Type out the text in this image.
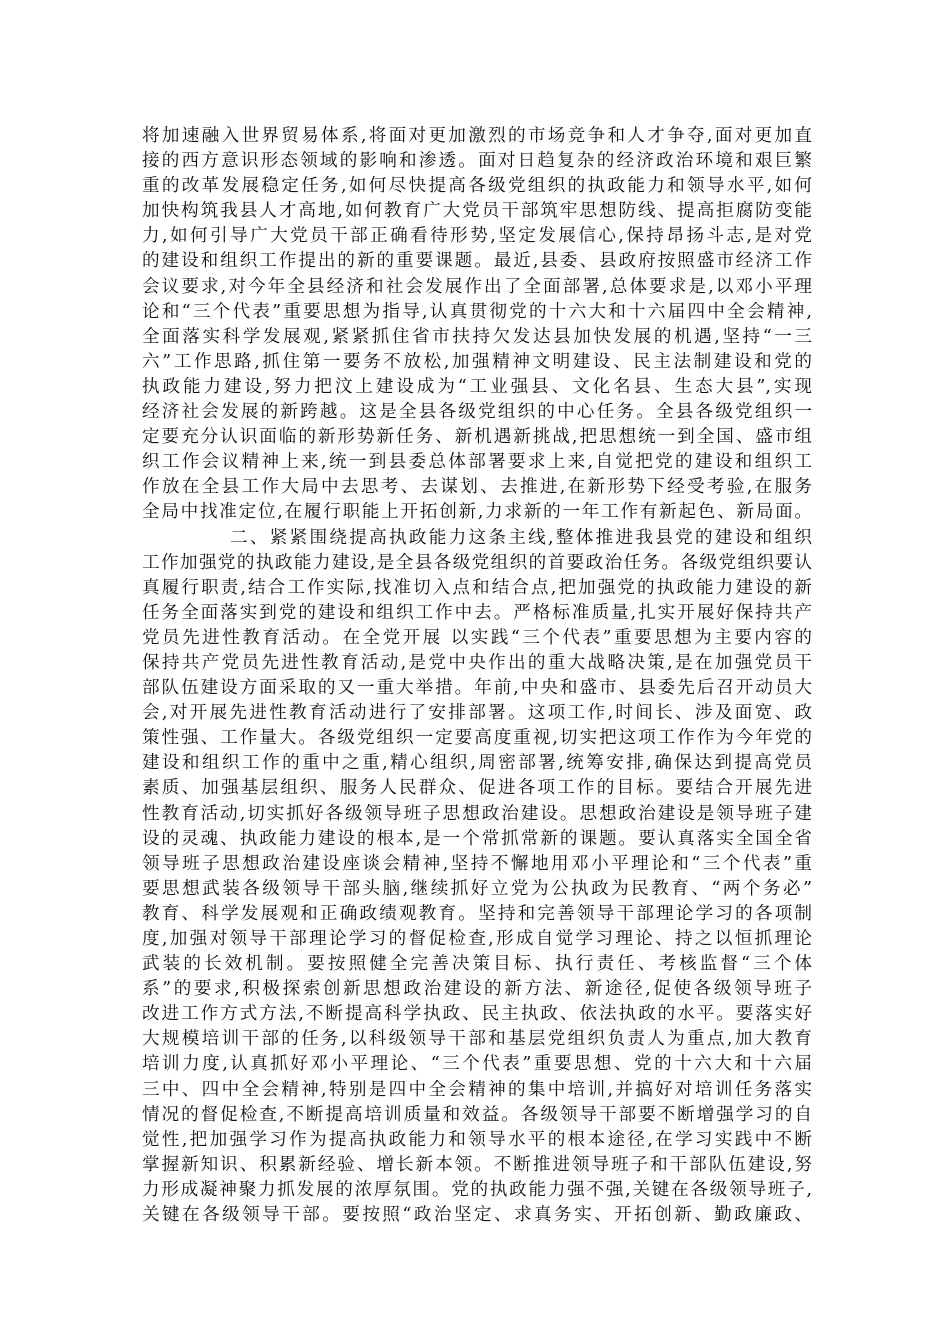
将加速融入世界贸易体系,将面对更加激烈的市场竞争和人才争夺,面对更加直
接的西方意识形态领域的影响和渗透。面对日趋复杂的经济政治环境和艰巨繁
重的改革发展稳定任务,如何尽快提高各级党组织的执政能力和领导水平,如何
加快构筑我县人才高地,如何教育广大党员干部筑牢思想防线、提高拒腐防变能
力,如何引导广大党员干部正确看待形势,坚定发展信心,保持昂扬斗志,是对党
的建设和组织工作提出的新的重要课题。最近,县委、县政府按照盛市经济工作
会议要求,对今年全县经济和社会发展作出了全面部署,总体要求是,以邓小平理
论和“三个代表”重要思想为指导,认真贯彻党的十六大和十六届四中全会精神,
全面落实科学发展观,紧紧抓住省市扶持欠发达县加快发展的机遇,坚持“一三
六”工作思路,抓住第一要务不放松,加强精神文明建设、民主法制建设和党的
执政能力建设,努力把汶上建设成为“工业强县、文化名县、生态大县”,实现
经济社会发展的新跨越。这是全县各级党组织的中心任务。全县各级党组织一
定要充分认识面临的新形势新任务、新机遇新挑战,把思想统一到全国、盛市组
织工作会议精神上来,统一到县委总体部署要求上来,自觉把党的建设和组织工
作放在全县工作大局中去思考、去谋划、去推进,在新形势下经受考验,在服务
全局中找准定位,在履行职能上开拓创新,力求新的一年工作有新起色、新局面。
二、紧紧围绕提高执政能力这条主线,整体推进我县党的建设和组织
工作加强党的执政能力建设,是全县各级党组织的首要政治任务。各级党组织要认
真履行职责,结合工作实际,找准切入点和结合点,把加强党的执政能力建设的新
任务全面落实到党的建设和组织工作中去。严格标准质量,扎实开展好保持共产
党员先进性教育活动。在全党开展 以实践“三个代表”重要思想为主要内容的
保持共产党员先进性教育活动,是党中央作出的重大战略决策,是在加强党员干
部队伍建设方面采取的又一重大举措。年前,中央和盛市、县委先后召开动员大
会,对开展先进性教育活动进行了安排部署。这项工作,时间长、涉及面宽、政
策性强、工作量大。各级党组织一定要高度重视,切实把这项工作作为今年党的
建设和组织工作的重中之重,精心组织,周密部署,统筹安排,确保达到提高党员
素质、加强基层组织、服务人民群众、促进各项工作的目标。要结合开展先进
性教育活动,切实抓好各级领导班子思想政治建设。思想政治建设是领导班子建
设的灵魂、执政能力建设的根本,是一个常抓常新的课题。要认真落实全国全省
领导班子思想政治建设座谈会精神,坚持不懈地用邓小平理论和“三个代表”重
要思想武装各级领导干部头脑,继续抓好立党为公执政为民教育、“两个务必”
教育、科学发展观和正确政绩观教育。坚持和完善领导干部理论学习的各项制
度,加强对领导干部理论学习的督促检查,形成自觉学习理论、持之以恒抓理论
武装的长效机制。要按照健全完善决策目标、执行责任、考核监督“三个体
系”的要求,积极探索创新思想政治建设的新方法、新途径,促使各级领导班子
改进工作方式方法,不断提高科学执政、民主执政、依法执政的水平。要落实好
大规模培训干部的任务,以科级领导干部和基层党组织负责人为重点,加大教育
培训力度,认真抓好邓小平理论、“三个代表”重要思想、党的十六大和十六届
三中、四中全会精神,特别是四中全会精神的集中培训,并搞好对培训任务落实
情况的督促检查,不断提高培训质量和效益。各级领导干部要不断增强学习的自
觉性,把加强学习作为提高执政能力和领导水平的根本途径,在学习实践中不断
掌握新知识、积累新经验、增长新本领。不断推进领导班子和干部队伍建设,努
力形成凝神聚力抓发展的浓厚氛围。党的执政能力强不强,关键在各级领导班子,
关键在各级领导干部。要按照“政治坚定、求真务实、开拓创新、勤政廉政、
